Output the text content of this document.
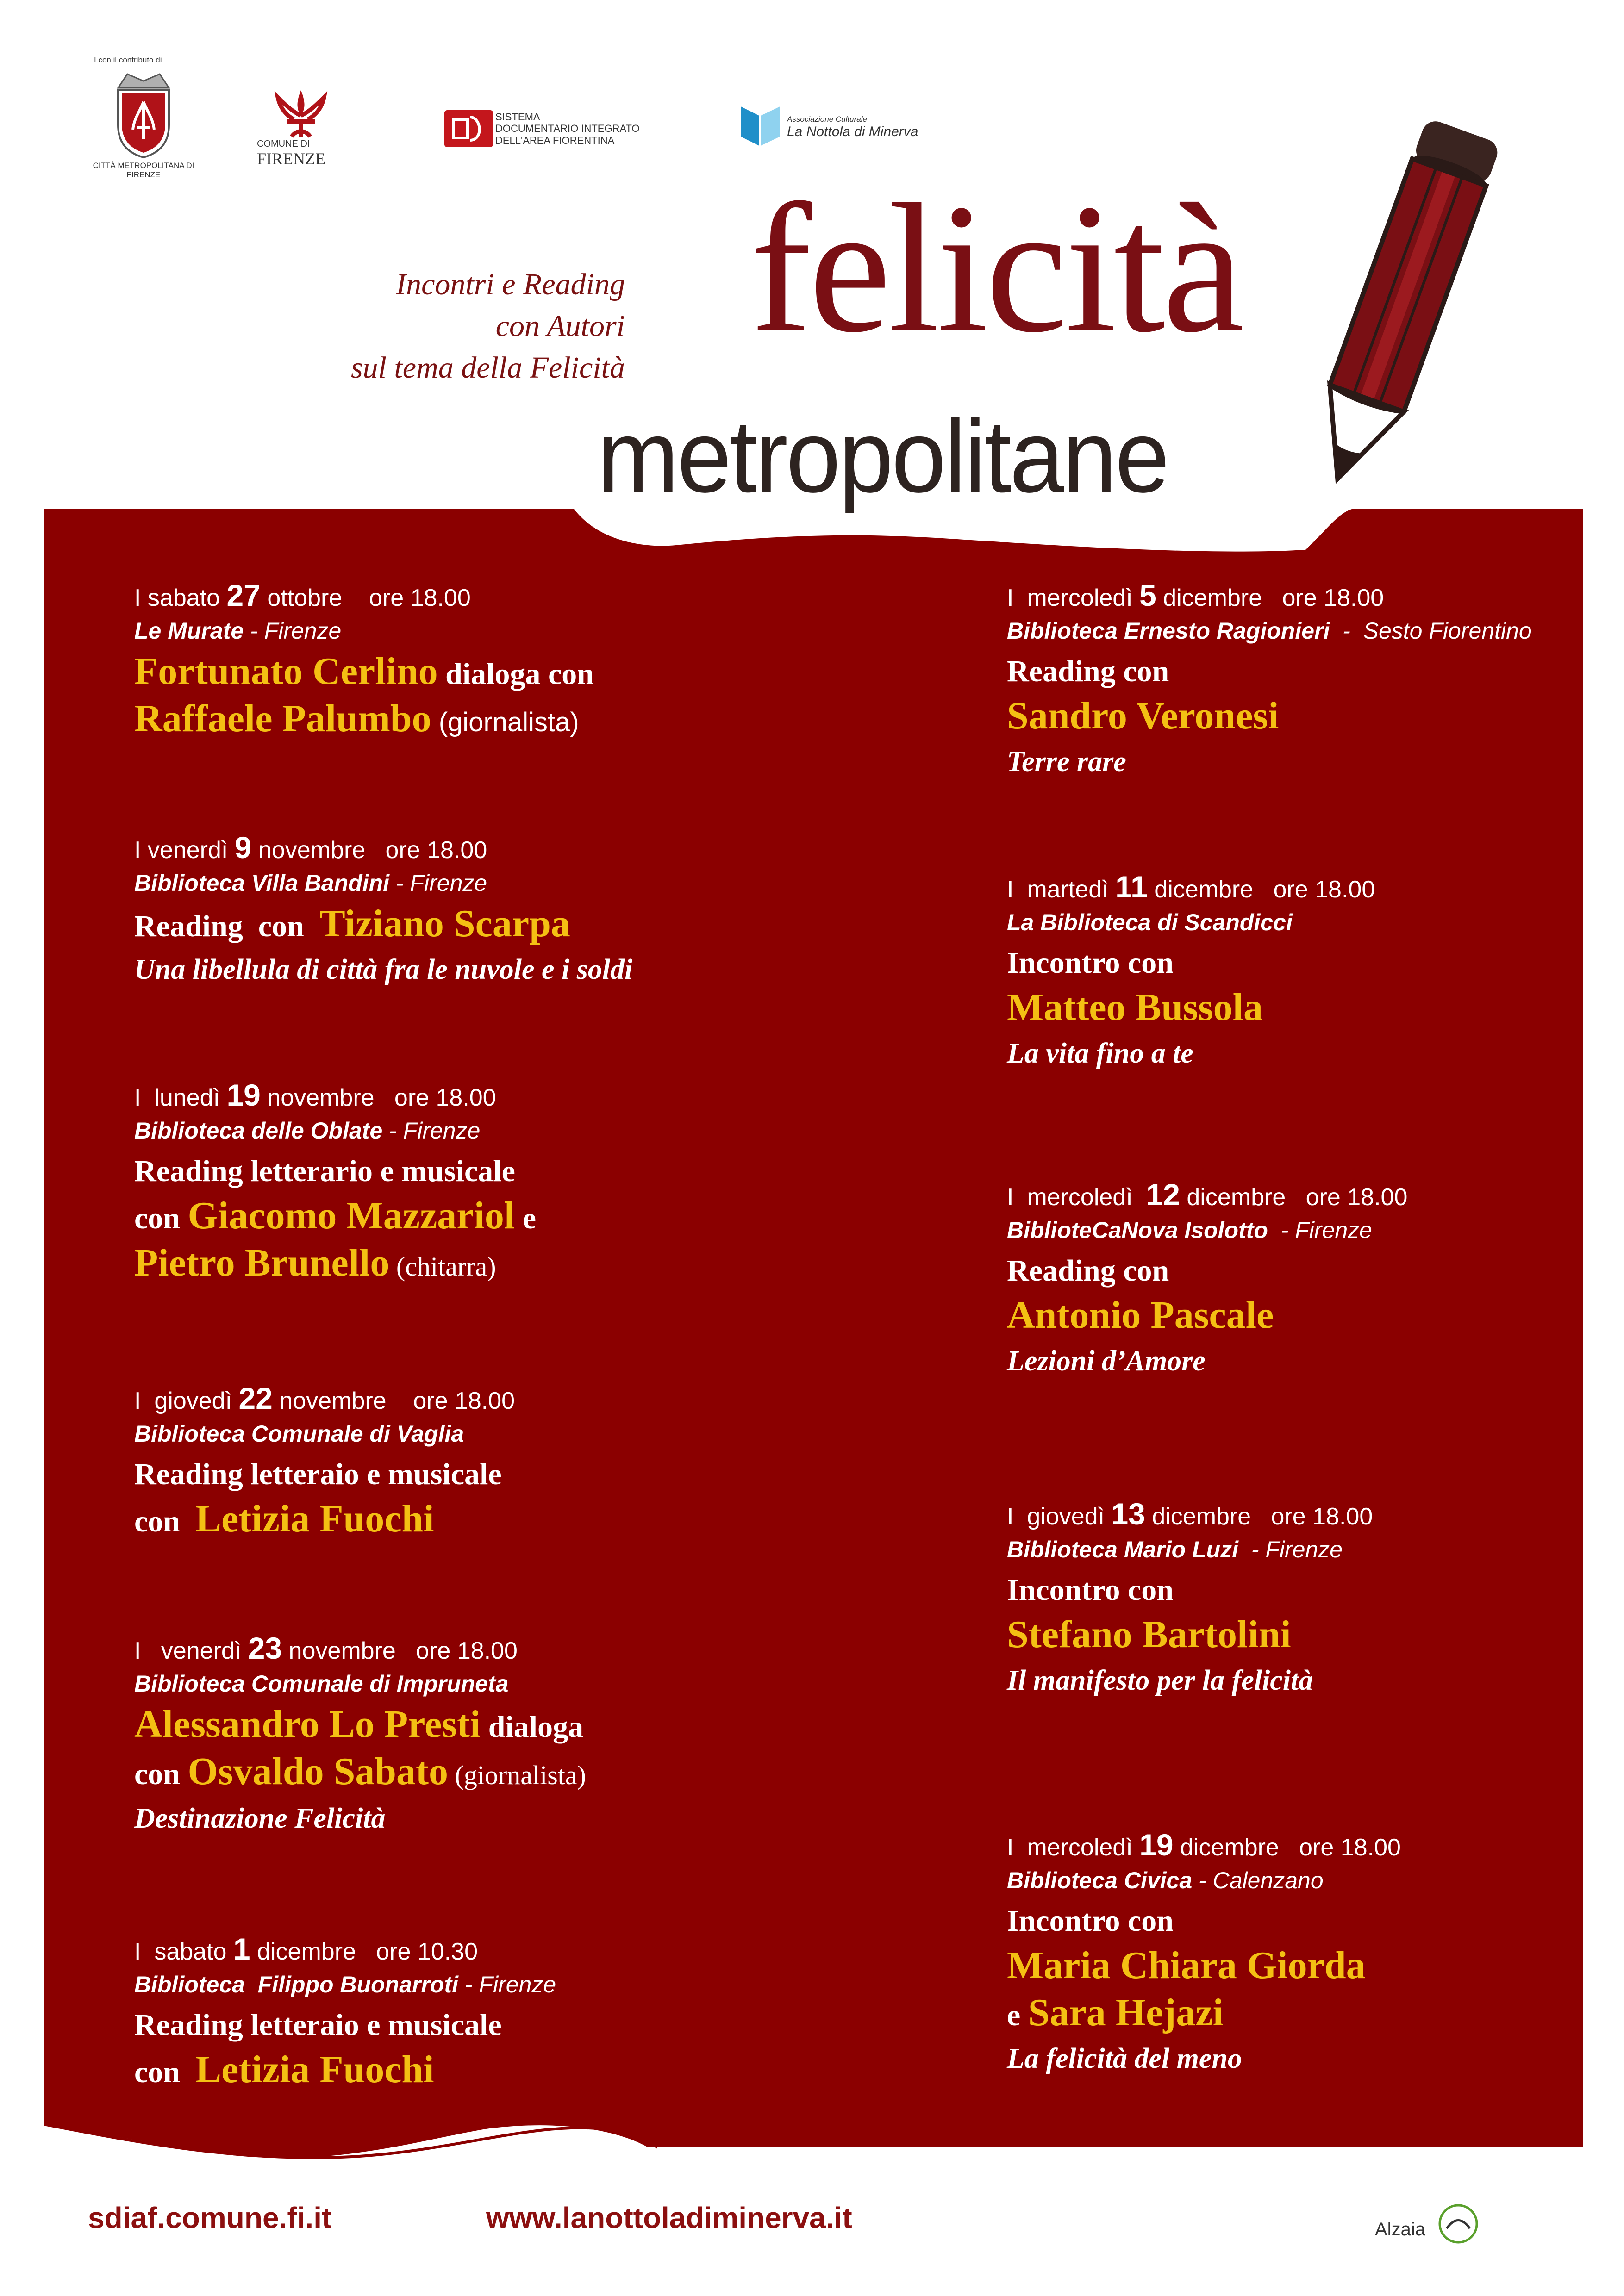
I con il contributo di
CITTÀ METROPOLITANA DI FIRENZE
COMUNE DI
FIRENZE
SISTEMA
DOCUMENTARIO INTEGRATO
DELL'AREA FIORENTINA
Associazione Culturale
La Nottola di Minerva
Incontri e Reading
con Autori
sul tema della Felicità felicità
metropolitane
I sabato 27 ottobre    ore 18.00
Le Murate - Firenze
Fortunato Cerlino dialoga con
Raffaele Palumbo (giornalista)
I venerdì 9 novembre   ore 18.00
Biblioteca Villa Bandini - Firenze
Reading  con  Tiziano Scarpa
Una libellula di città fra le nuvole e i soldi
I  lunedì 19 novembre   ore 18.00
Biblioteca delle Oblate - Firenze
Reading letterario e musicale
con Giacomo Mazzariol e
Pietro Brunello (chitarra)
I  giovedì 22 novembre    ore 18.00
Biblioteca Comunale di Vaglia
Reading letteraio e musicale
con  Letizia Fuochi
I   venerdì 23 novembre   ore 18.00
Biblioteca Comunale di Impruneta
Alessandro Lo Presti dialoga
con Osvaldo Sabato (giornalista)
Destinazione Felicità
I  sabato 1 dicembre   ore 10.30
Biblioteca  Filippo Buonarroti - Firenze
Reading letteraio e musicale
con  Letizia Fuochi
I  mercoledì 5 dicembre   ore 18.00
Biblioteca Ernesto Ragionieri  -  Sesto Fiorentino
Reading con
Sandro Veronesi
Terre rare
I  martedì 11 dicembre   ore 18.00
La Biblioteca di Scandicci
Incontro con
Matteo Bussola
La vita fino a te
I  mercoledì  12 dicembre   ore 18.00
BiblioteCaNova Isolotto  - Firenze
Reading con
Antonio Pascale
Lezioni d’Amore
I  giovedì 13 dicembre   ore 18.00
Biblioteca Mario Luzi  - Firenze
Incontro con
Stefano Bartolini
Il manifesto per la felicità
I  mercoledì 19 dicembre   ore 18.00
Biblioteca Civica - Calenzano
Incontro con
Maria Chiara Giorda
e Sara Hejazi
La felicità del meno
sdiaf.comune.fi.it	www.lanottoladiminerva.it	Alzaia
